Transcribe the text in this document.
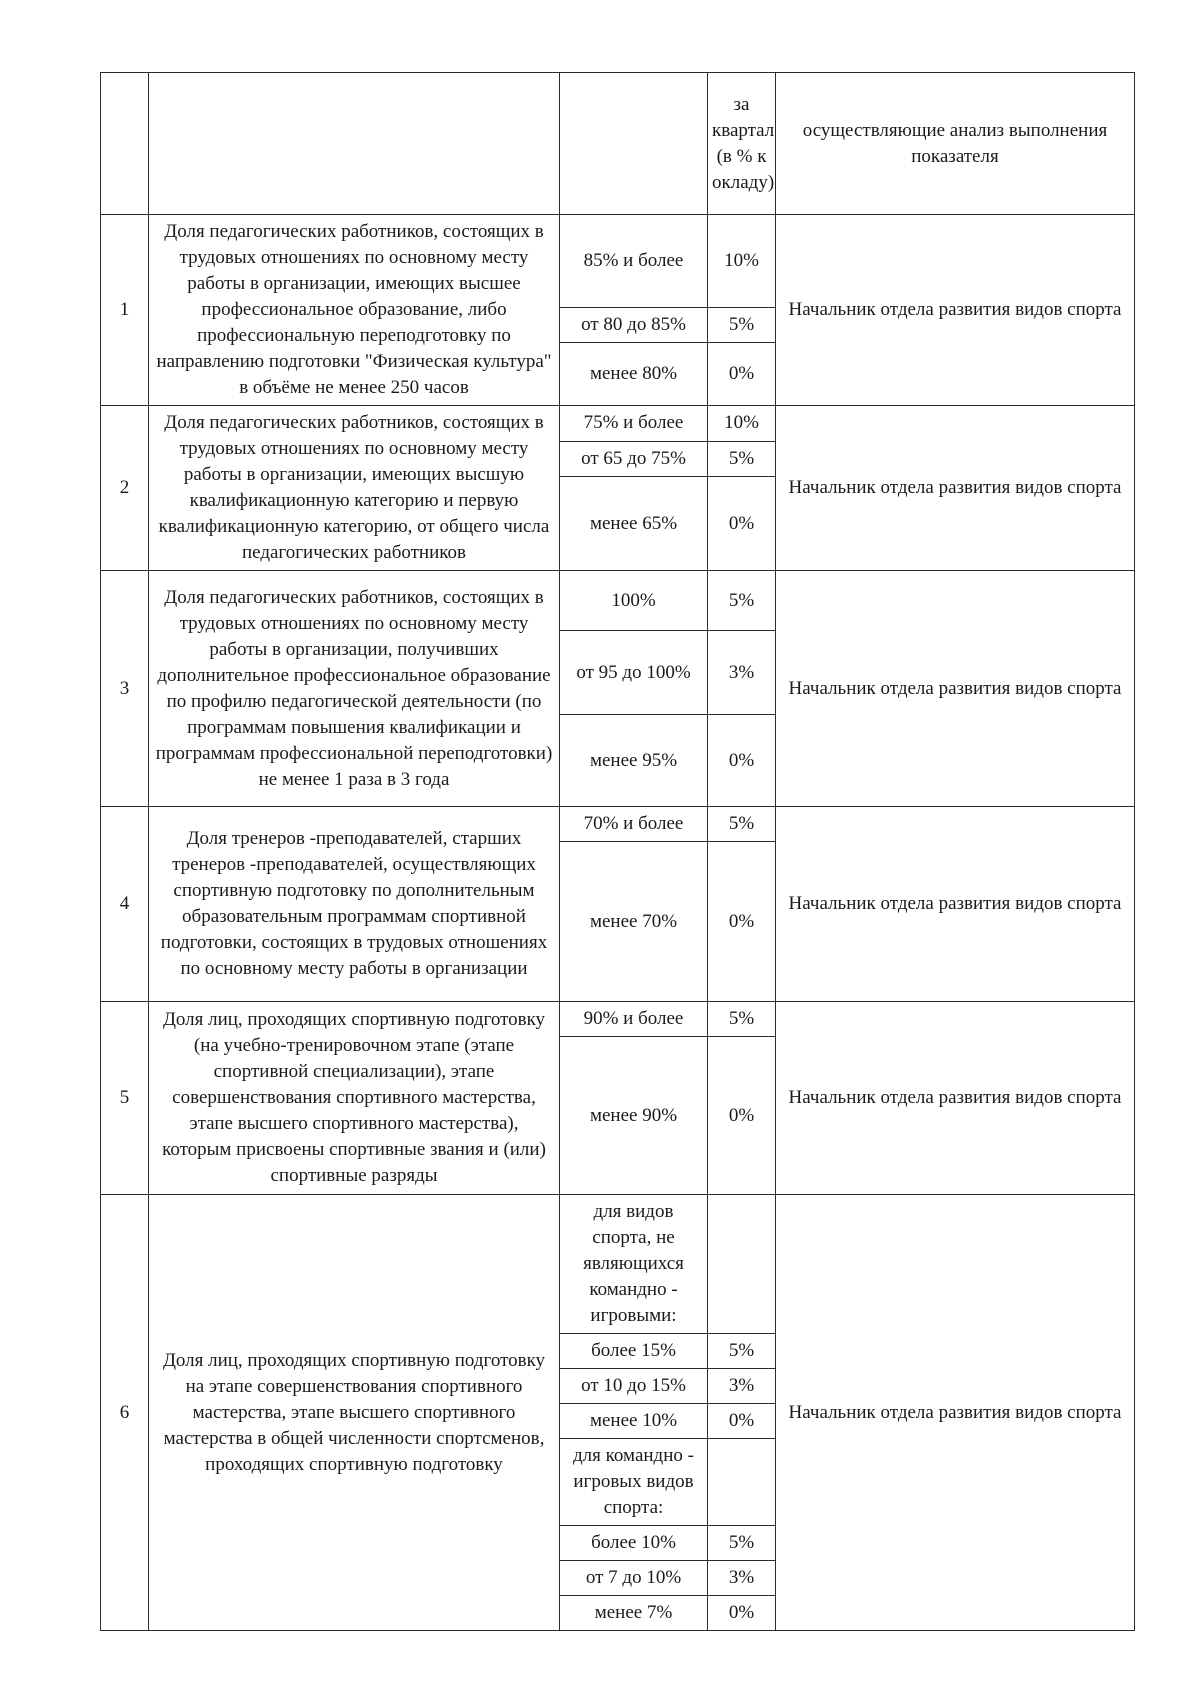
			за квартал (в % к окладу)	осуществляющие анализ выполнения показателя
1	Доля педагогических работников, состоящих в трудовых отношениях по основному месту работы в организации, имеющих высшее профессиональное образование, либо профессиональную переподготовку по направлению подготовки "Физическая культура" в объёме не менее 250 часов	85% и более	10%	Начальник отдела развития видов спорта
		от 80 до 85%	5%	
		менее 80%	0%	
2	Доля педагогических работников, состоящих в трудовых отношениях по основному месту работы в организации, имеющих высшую квалификационную категорию и первую квалификационную категорию, от общего числа педагогических работников	75% и более	10%	Начальник отдела развития видов спорта
		от 65 до 75%	5%	
		менее 65%	0%	
3	Доля педагогических работников, состоящих в трудовых отношениях по основному месту работы в организации, получивших дополнительное профессиональное образование по профилю педагогической деятельности (по программам повышения квалификации и программам профессиональной переподготовки) не менее 1 раза в 3 года	100%	5%	Начальник отдела развития видов спорта
		от 95 до 100%	3%	
		менее 95%	0%	
4	Доля тренеров -преподавателей, старших тренеров -преподавателей, осуществляющих спортивную подготовку по дополнительным образовательным программам спортивной подготовки, состоящих в трудовых отношениях по основному месту работы в организации	70% и более	5%	Начальник отдела развития видов спорта
		менее 70%	0%	
5	Доля лиц, проходящих спортивную подготовку (на учебно-тренировочном этапе (этапе спортивной специализации), этапе совершенствования спортивного мастерства, этапе высшего спортивного мастерства), которым присвоены спортивные звания и (или) спортивные разряды	90% и более	5%	Начальник отдела развития видов спорта
		менее 90%	0%	
6	Доля лиц, проходящих спортивную подготовку на этапе совершенствования спортивного мастерства, этапе высшего спортивного мастерства в общей численности спортсменов, проходящих спортивную подготовку	для видов спорта, не являющихся командно - игровыми:		Начальник отдела развития видов спорта
		более 15%	5%	
		от 10 до 15%	3%	
		менее 10%	0%	
		для командно - игровых видов спорта:		
		более 10%	5%	
		от 7 до 10%	3%	
		менее 7%	0%	
